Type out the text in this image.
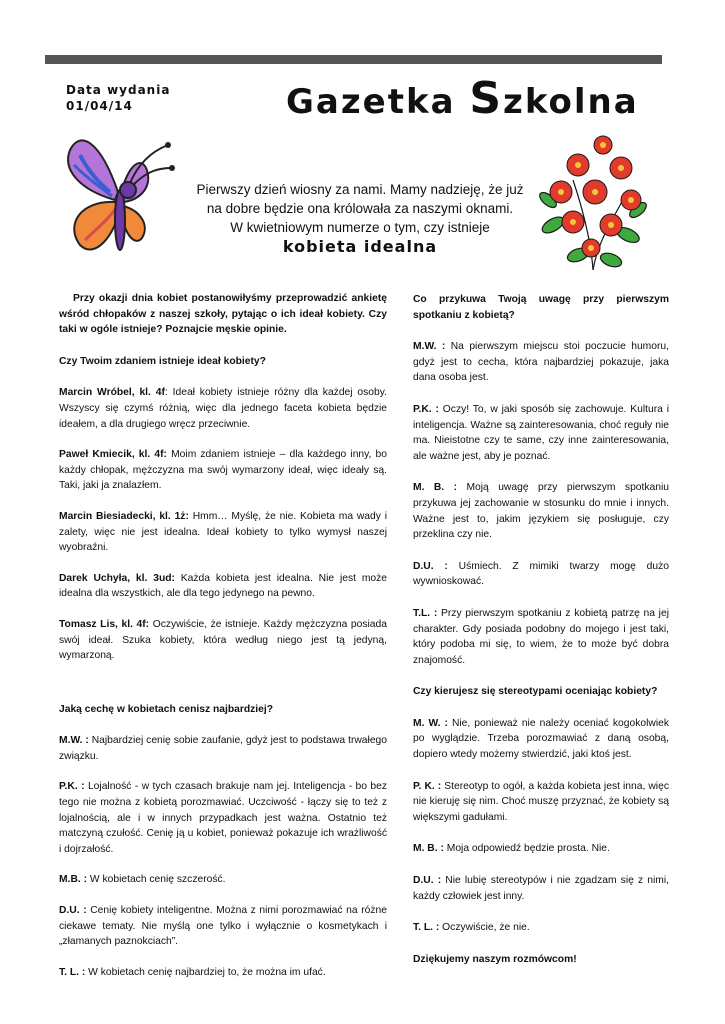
Data wydania
01/04/14	Gazetka Szkolna
Pierwszy dzień wiosny za nami. Mamy nadzieję, że już
na dobre będzie ona królowała za naszymi oknami.
W kwietniowym numerze o tym, czy istnieje
kobieta idealna

Przy okazji dnia kobiet postanowiłyśmy przeprowadzić ankietę wśród chłopaków z naszej szkoły, pytając o ich ideał kobiety. Czy taki w ogóle istnieje? Poznajcie męskie opinie.

Czy Twoim zdaniem istnieje ideał kobiety?

Marcin Wróbel, kl. 4f: Ideał kobiety istnieje różny dla każdej osoby. Wszyscy się czymś różnią, więc dla jednego faceta kobieta będzie ideałem, a dla drugiego wręcz przeciwnie.

Paweł Kmiecik, kl. 4f: Moim zdaniem istnieje – dla każdego inny, bo każdy chłopak, mężczyzna ma swój wymarzony ideał, więc ideały są. Taki, jaki ja znalazłem.

Marcin Biesiadecki, kl. 1ż: Hmm… Myślę, że nie. Kobieta ma wady i zalety, więc nie jest idealna. Ideał kobiety to tylko wymysł naszej wyobraźni.

Darek Uchyła, kl. 3ud: Każda kobieta jest idealna. Nie jest może idealna dla wszystkich, ale dla tego jedynego na pewno.

Tomasz Lis, kl. 4f: Oczywiście, że istnieje. Każdy mężczyzna posiada swój ideał. Szuka kobiety, która według niego jest tą jedyną, wymarzoną.

Jaką cechę w kobietach cenisz najbardziej?

M.W. : Najbardziej cenię sobie zaufanie, gdyż jest to podstawa trwałego związku.

P.K. : Lojalność - w tych czasach brakuje nam jej. Inteligencja - bo bez tego nie można z kobietą porozmawiać. Uczciwość - łączy się to też z lojalnością, ale i w innych przypadkach jest ważna. Ostatnio też matczyną czułość. Cenię ją u kobiet, ponieważ pokazuje ich wrażliwość i dojrzałość.

M.B. : W kobietach cenię szczerość.

D.U. : Cenię kobiety inteligentne. Można z nimi porozmawiać na różne ciekawe tematy. Nie myślą one tylko i wyłącznie o kosmetykach i „złamanych paznokciach”.

T. L. : W kobietach cenię najbardziej to, że można im ufać.

Co przykuwa Twoją uwagę przy pierwszym spotkaniu z kobietą?

M.W. : Na pierwszym miejscu stoi poczucie humoru, gdyż jest to cecha, która najbardziej pokazuje, jaka dana osoba jest.

P.K. : Oczy! To, w jaki sposób się zachowuje. Kultura i inteligencja. Ważne są zainteresowania, choć reguły nie ma. Nieistotne czy te same, czy inne zainteresowania, ale ważne jest, aby je poznać.

M. B. : Moją uwagę przy pierwszym spotkaniu przykuwa jej zachowanie w stosunku do mnie i innych. Ważne jest to, jakim językiem się posługuje, czy przeklina czy nie.

D.U. : Uśmiech. Z mimiki twarzy mogę dużo wywnioskować.

T.L. : Przy pierwszym spotkaniu z kobietą patrzę na jej charakter. Gdy posiada podobny do mojego i jest taki, który podoba mi się, to wiem, że to może być dobra znajomość.

Czy kierujesz się stereotypami oceniając kobiety?

M. W. : Nie, ponieważ nie należy oceniać kogokolwiek po wyglądzie. Trzeba porozmawiać z daną osobą, dopiero wtedy możemy stwierdzić, jaki ktoś jest.

P. K. : Stereotyp to ogół, a każda kobieta jest inna, więc nie kieruję się nim. Choć muszę przyznać, że kobiety są większymi gadułami.

M. B. : Moja odpowiedź będzie prosta. Nie.

D.U. : Nie lubię stereotypów i nie zgadzam się z nimi, każdy człowiek jest inny.

T. L. : Oczywiście, że nie.

Dziękujemy naszym rozmówcom!
